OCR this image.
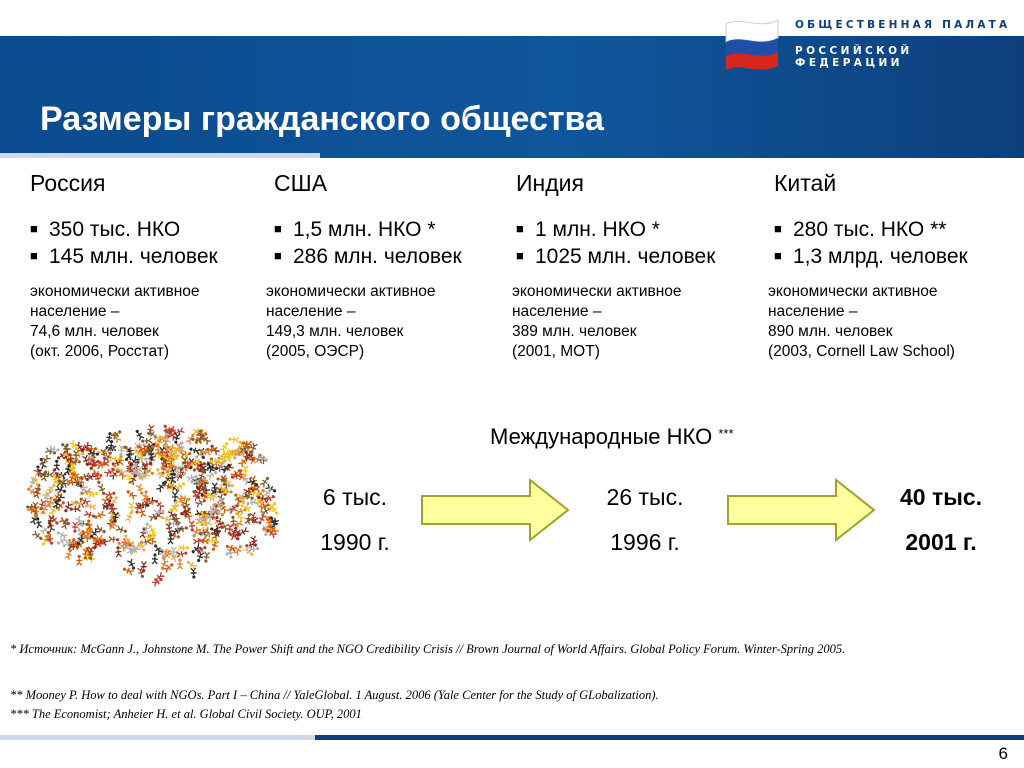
ОБЩЕСТВЕННАЯ ПАЛАТА
РОССИЙСКОЙ ФЕДЕРАЦИИ
Размеры гражданского общества
Россия
■ 350 тыс. НКО
■ 145 млн. человек
экономически активное
население –
74,6 млн. человек
(окт. 2006, Росстат)
США
■ 1,5 млн. НКО *
■ 286 млн. человек
экономически активное
население –
149,3 млн. человек
(2005, ОЭСР)
Индия
■ 1 млн. НКО *
■ 1025 млн. человек
экономически активное
население –
389 млн. человек
(2001, МОТ)
Китай
■ 280 тыс. НКО **
■ 1,3 млрд. человек
экономически активное
население –
890 млн. человек
(2003, Cornell Law School)
Международные НКО ***
6 тыс.
1990 г.
26 тыс.
1996 г.
40 тыс.
2001 г.
* Источник: McGann J., Johnstone M. The Power Shift and the NGO Credibility Crisis // Brown Journal of World Affairs. Global Policy Forum. Winter-Spring 2005.
** Mooney P. How to deal with NGOs. Part I – China // YaleGlobal. 1 August. 2006 (Yale Center for the Study of GLobalization).
*** The Economist; Anheier H. et al. Global Civil Society. OUP, 2001
6
